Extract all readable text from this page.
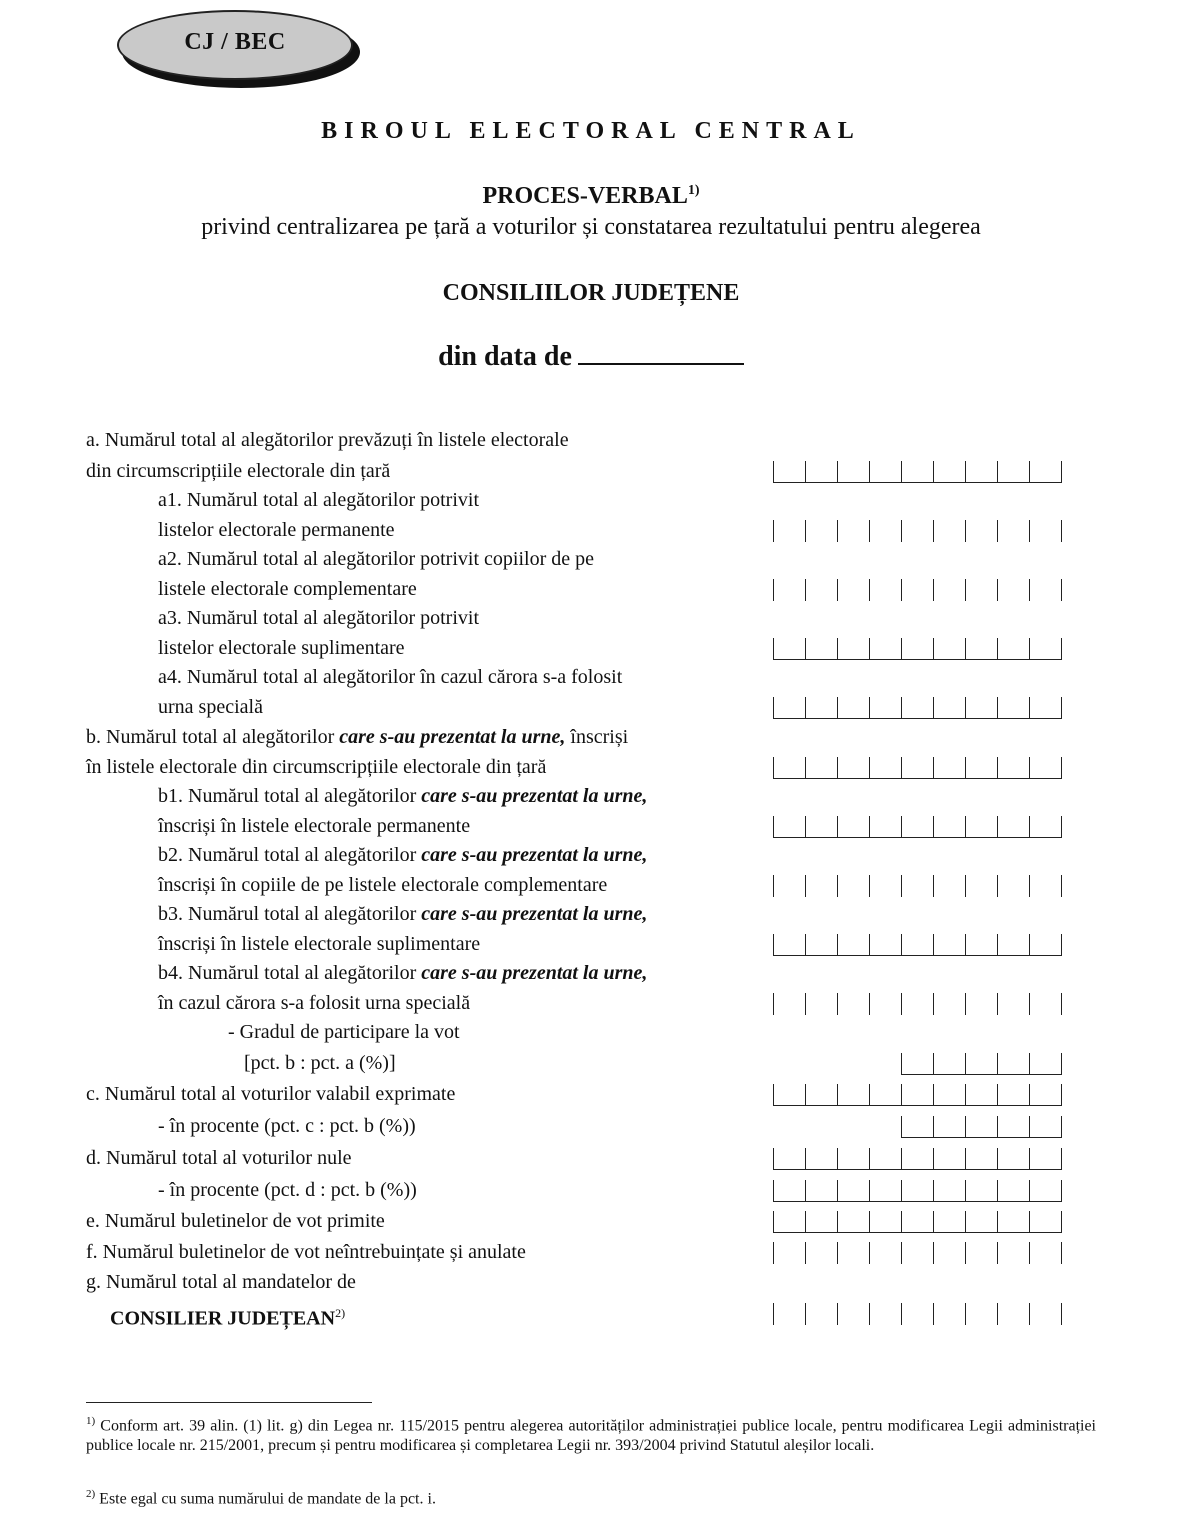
CJ / BEC
BIROUL ELECTORAL CENTRAL
PROCES-VERBAL$^{1)}$
privind centralizarea pe țară a voturilor și constatarea rezultatului pentru alegerea
CONSILIILOR JUDEȚENE
din data de
a. Numărul total al alegătorilor prevăzuți în listele electorale
din circumscripțiile electorale din țară
a1. Numărul total al alegătorilor potrivit
listelor electorale permanente
a2. Numărul total al alegătorilor potrivit copiilor de pe
listele electorale complementare
a3. Numărul total al alegătorilor potrivit
listelor electorale suplimentare
a4. Numărul total al alegătorilor în cazul cărora s-a folosit
urna specială
b. Numărul total al alegătorilor care s-au prezentat la urne, înscriși
în listele electorale din circumscripțiile electorale din țară
b1. Numărul total al alegătorilor care s-au prezentat la urne,
înscriși în listele electorale permanente
b2. Numărul total al alegătorilor care s-au prezentat la urne,
înscriși în copiile de pe listele electorale complementare
b3. Numărul total al alegătorilor care s-au prezentat la urne,
înscriși în listele electorale suplimentare
b4. Numărul total al alegătorilor care s-au prezentat la urne,
în cazul cărora s-a folosit urna specială
- Gradul de participare la vot
[pct. b : pct. a (%)]
c. Numărul total al voturilor valabil exprimate
- în procente (pct. c : pct. b (%))
d. Numărul total al voturilor nule
- în procente (pct. d : pct. b (%))
e. Numărul buletinelor de vot primite
f. Numărul buletinelor de vot neîntrebuințate și anulate
g. Numărul total al mandatelor de
CONSILIER JUDEȚEAN$^{2)}$
$^{1)}$ Conform art. 39 alin. (1) lit. g) din Legea nr. 115/2015 pentru alegerea autorităților administrației publice locale, pentru modificarea Legii administrației publice locale nr. 215/2001, precum și pentru modificarea și completarea Legii nr. 393/2004 privind Statutul aleșilor locali.
$^{2)}$ Este egal cu suma numărului de mandate de la pct. i.
